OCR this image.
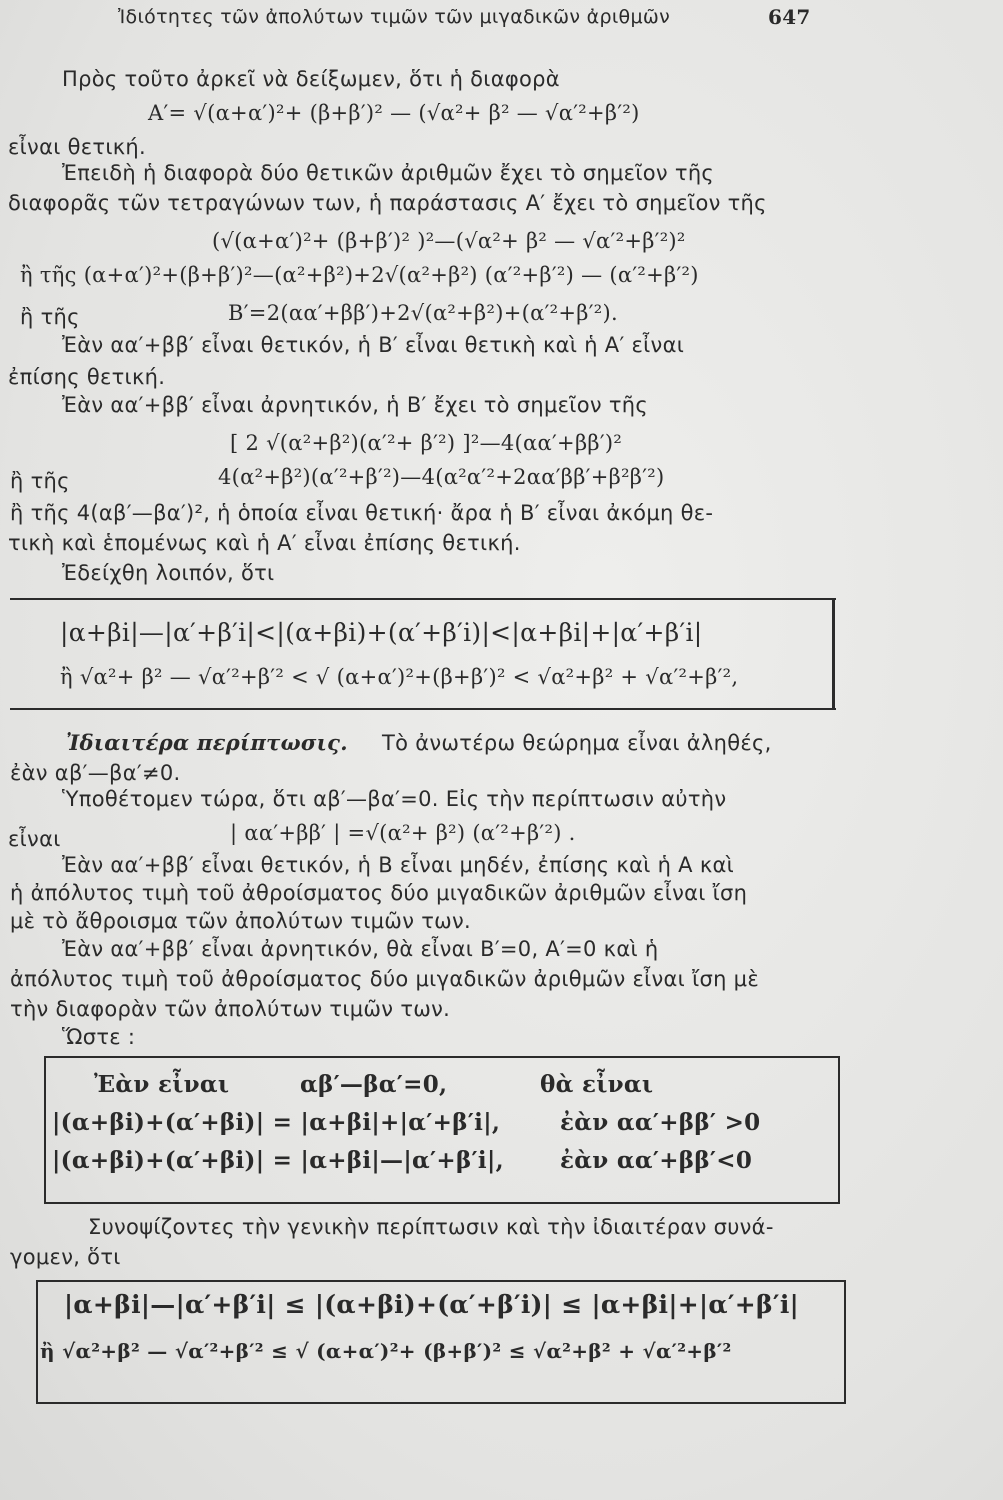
Ἰδιότητες τῶν ἀπολύτων τιμῶν τῶν μιγαδικῶν ἀριθμῶν	647
Πρὸς τοῦτο ἀρκεῖ νὰ δείξωμεν, ὅτι ἡ διαφορὰ
A′= √(α+α′)²+ (β+β′)² — (√α²+ β² — √α′²+β′²)
εἶναι θετική.
Ἐπειδὴ ἡ διαφορὰ δύο θετικῶν ἀριθμῶν ἔχει τὸ σημεῖον τῆς
διαφορᾶς τῶν τετραγώνων των, ἡ παράστασις Α′ ἔχει τὸ σημεῖον τῆς
(√(α+α′)²+ (β+β′)² )²—(√α²+ β² — √α′²+β′²)²
ἢ τῆς (α+α′)²+(β+β′)²—(α²+β²)+2√(α²+β²) (α′²+β′²) — (α′²+β′²)
ἢ τῆς	B′=2(αα′+ββ′)+2√(α²+β²)+(α′²+β′²).
Ἐὰν αα′+ββ′ εἶναι θετικόν, ἡ B′ εἶναι θετικὴ καὶ ἡ Α′ εἶναι
ἐπίσης θετική.
Ἐὰν αα′+ββ′ εἶναι ἀρνητικόν, ἡ B′ ἔχει τὸ σημεῖον τῆς
[ 2 √(α²+β²)(α′²+ β′²) ]²—4(αα′+ββ′)²
ἢ τῆς	4(α²+β²)(α′²+β′²)—4(α²α′²+2αα′ββ′+β²β′²)
ἢ τῆς 4(αβ′—βα′)², ἡ ὁποία εἶναι θετική· ἄρα ἡ B′ εἶναι ἀκόμη θε-
τικὴ καὶ ἑπομένως καὶ ἡ Α′ εἶναι ἐπίσης θετική.
Ἐδείχθη λοιπόν, ὅτι
|α+βi|—|α′+β′i|<|(α+βi)+(α′+β′i)|<|α+βi|+|α′+β′i|
ἢ √α²+ β² — √α′²+β′² < √ (α+α′)²+(β+β′)² < √α²+β² + √α′²+β′²,
Ἰδιαιτέρα περίπτωσις. Τὸ ἀνωτέρω θεώρημα εἶναι ἀληθές,
ἐὰν αβ′—βα′≠0.
Ὑποθέτομεν τώρα, ὅτι αβ′—βα′=0. Εἰς τὴν περίπτωσιν αὐτὴν
εἶναι	| αα′+ββ′ | =√(α²+ β²) (α′²+β′²) .
Ἐὰν αα′+ββ′ εἶναι θετικόν, ἡ Β εἶναι μηδέν, ἐπίσης καὶ ἡ Α καὶ
ἡ ἀπόλυτος τιμὴ τοῦ ἀθροίσματος δύο μιγαδικῶν ἀριθμῶν εἶναι ἴση
μὲ τὸ ἄθροισμα τῶν ἀπολύτων τιμῶν των.
Ἐὰν αα′+ββ′ εἶναι ἀρνητικόν, θὰ εἶναι B′=0, A′=0 καὶ ἡ
ἀπόλυτος τιμὴ τοῦ ἀθροίσματος δύο μιγαδικῶν ἀριθμῶν εἶναι ἴση μὲ
τὴν διαφορὰν τῶν ἀπολύτων τιμῶν των.
Ὥστε :
Ἐὰν εἶναι	αβ′—βα′=0,	θὰ εἶναι
|(α+βi)+(α′+βi)| = |α+βi|+|α′+β′i|,	ἐὰν αα′+ββ′ >0
|(α+βi)+(α′+βi)| = |α+βi|—|α′+β′i|, ἐὰν αα′+ββ′<0
Συνοψίζοντες τὴν γενικὴν περίπτωσιν καὶ τὴν ἰδιαιτέραν συνά-
γομεν, ὅτι
|α+βi|—|α′+β′i| ≤ |(α+βi)+(α′+β′i)| ≤ |α+βi|+|α′+β′i|
ἢ √α²+β² — √α′²+β′² ≤ √ (α+α′)²+ (β+β′)² ≤ √α²+β² + √α′²+β′²
